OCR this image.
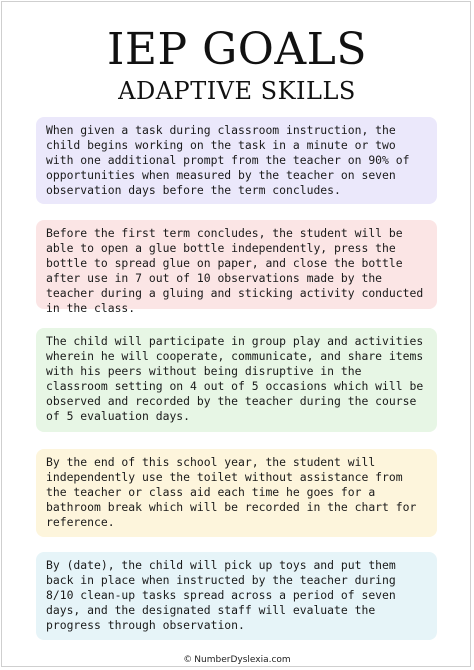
IEP GOALS
ADAPTIVE SKILLS
When given a task during classroom instruction, the child begins working on the task in a minute or two with one additional prompt from the teacher on 90% of opportunities when measured by the teacher on seven observation days before the term concludes.
Before the first term concludes, the student will be able to open a glue bottle independently, press the bottle to spread glue on paper, and close the bottle after use in 7 out of 10 observations made by the teacher during a gluing and sticking activity conducted in the class.
The child will participate in group play and activities wherein he will cooperate, communicate, and share items with his peers without being disruptive in the classroom setting on 4 out of 5 occasions which will be observed and recorded by the teacher during the course of 5 evaluation days.
By the end of this school year, the student will independently use the toilet without assistance from the teacher or class aid each time he goes for a bathroom break which will be recorded in the chart for reference.
By (date), the child will pick up toys and put them back in place when instructed by the teacher during 8/10 clean-up tasks spread across a period of seven days, and the designated staff will evaluate the progress through observation.
© NumberDyslexia.com
